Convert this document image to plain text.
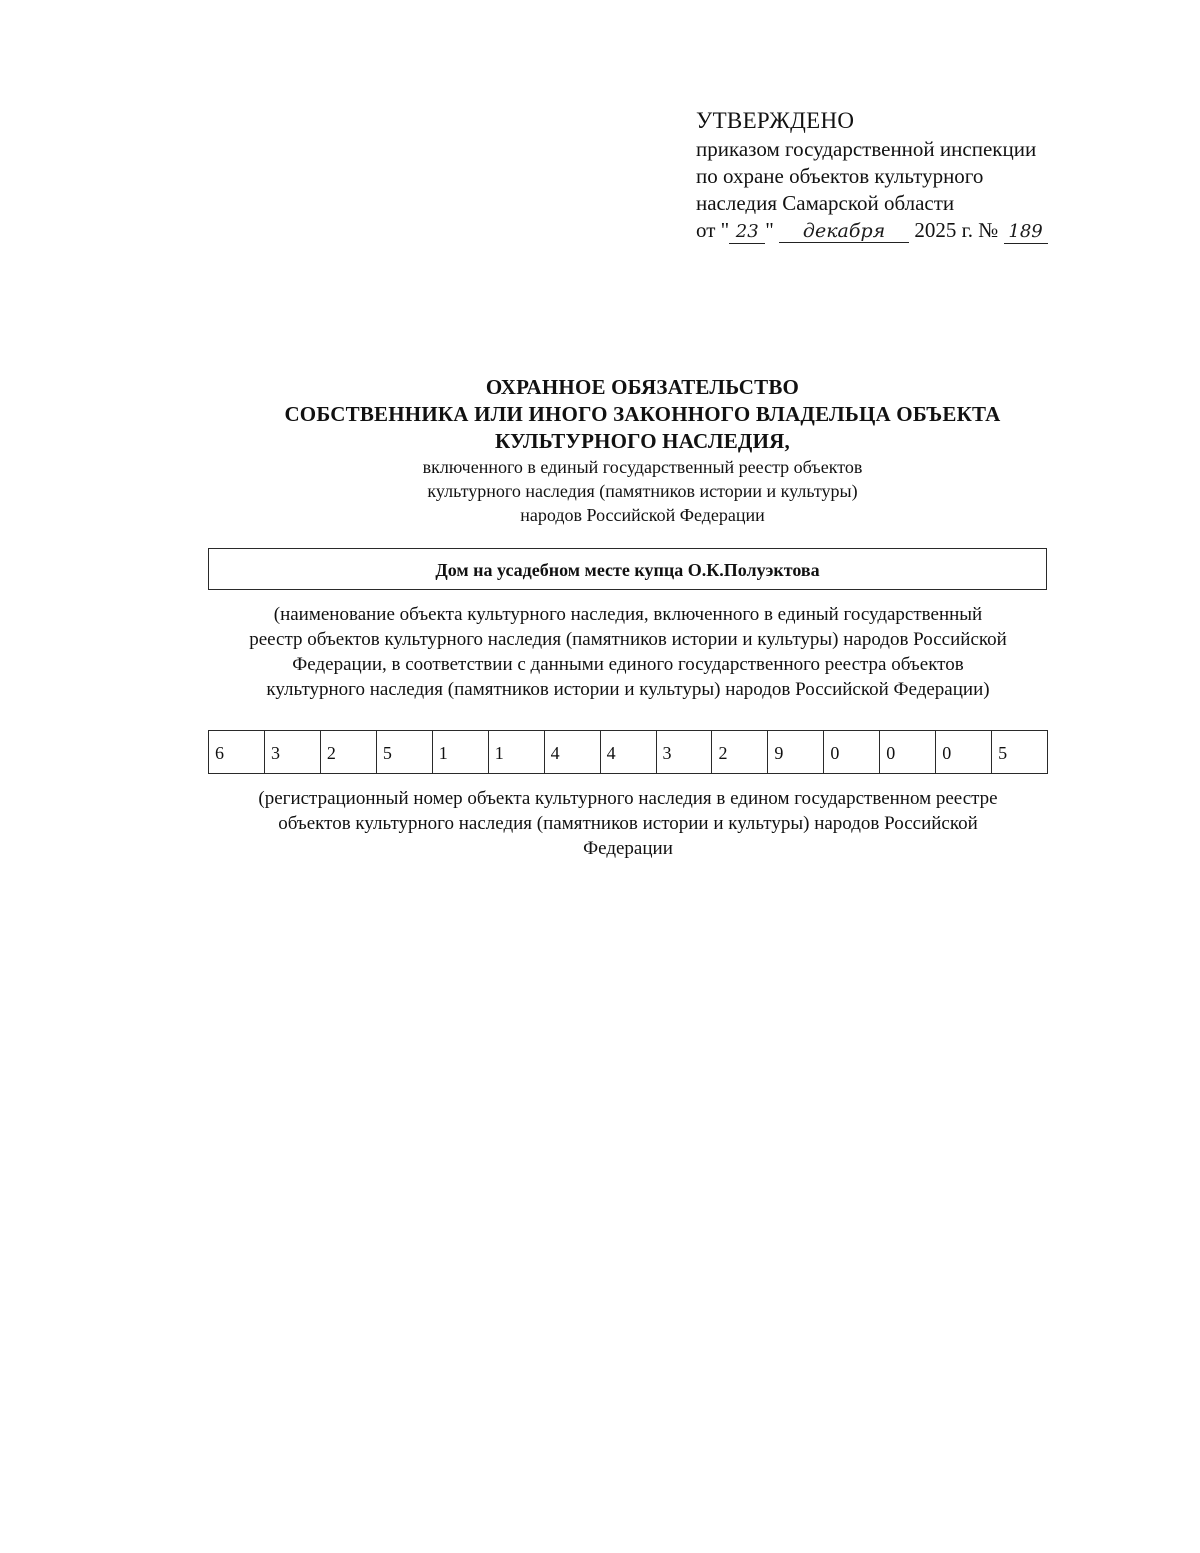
УТВЕРЖДЕНО
приказом государственной инспекции
по охране объектов культурного
наследия Самарской области
от " 23 " декабря 2025 г. № 189
ОХРАННОЕ ОБЯЗАТЕЛЬСТВО
СОБСТВЕННИКА ИЛИ ИНОГО ЗАКОННОГО ВЛАДЕЛЬЦА ОБЪЕКТА
КУЛЬТУРНОГО НАСЛЕДИЯ,
включенного в единый государственный реестр объектов
культурного наследия (памятников истории и культуры)
народов Российской Федерации
Дом на усадебном месте купца О.К.Полуэктова
(наименование объекта культурного наследия, включенного в единый государственный
реестр объектов культурного наследия (памятников истории и культуры) народов Российской
Федерации, в соответствии с данными единого государственного реестра объектов
культурного наследия (памятников истории и культуры) народов Российской Федерации)
6	3	2	5	1	1	4	4	3	2	9	0	0	0	5
(регистрационный номер объекта культурного наследия в едином государственном реестре
объектов культурного наследия (памятников истории и культуры) народов Российской
Федерации
